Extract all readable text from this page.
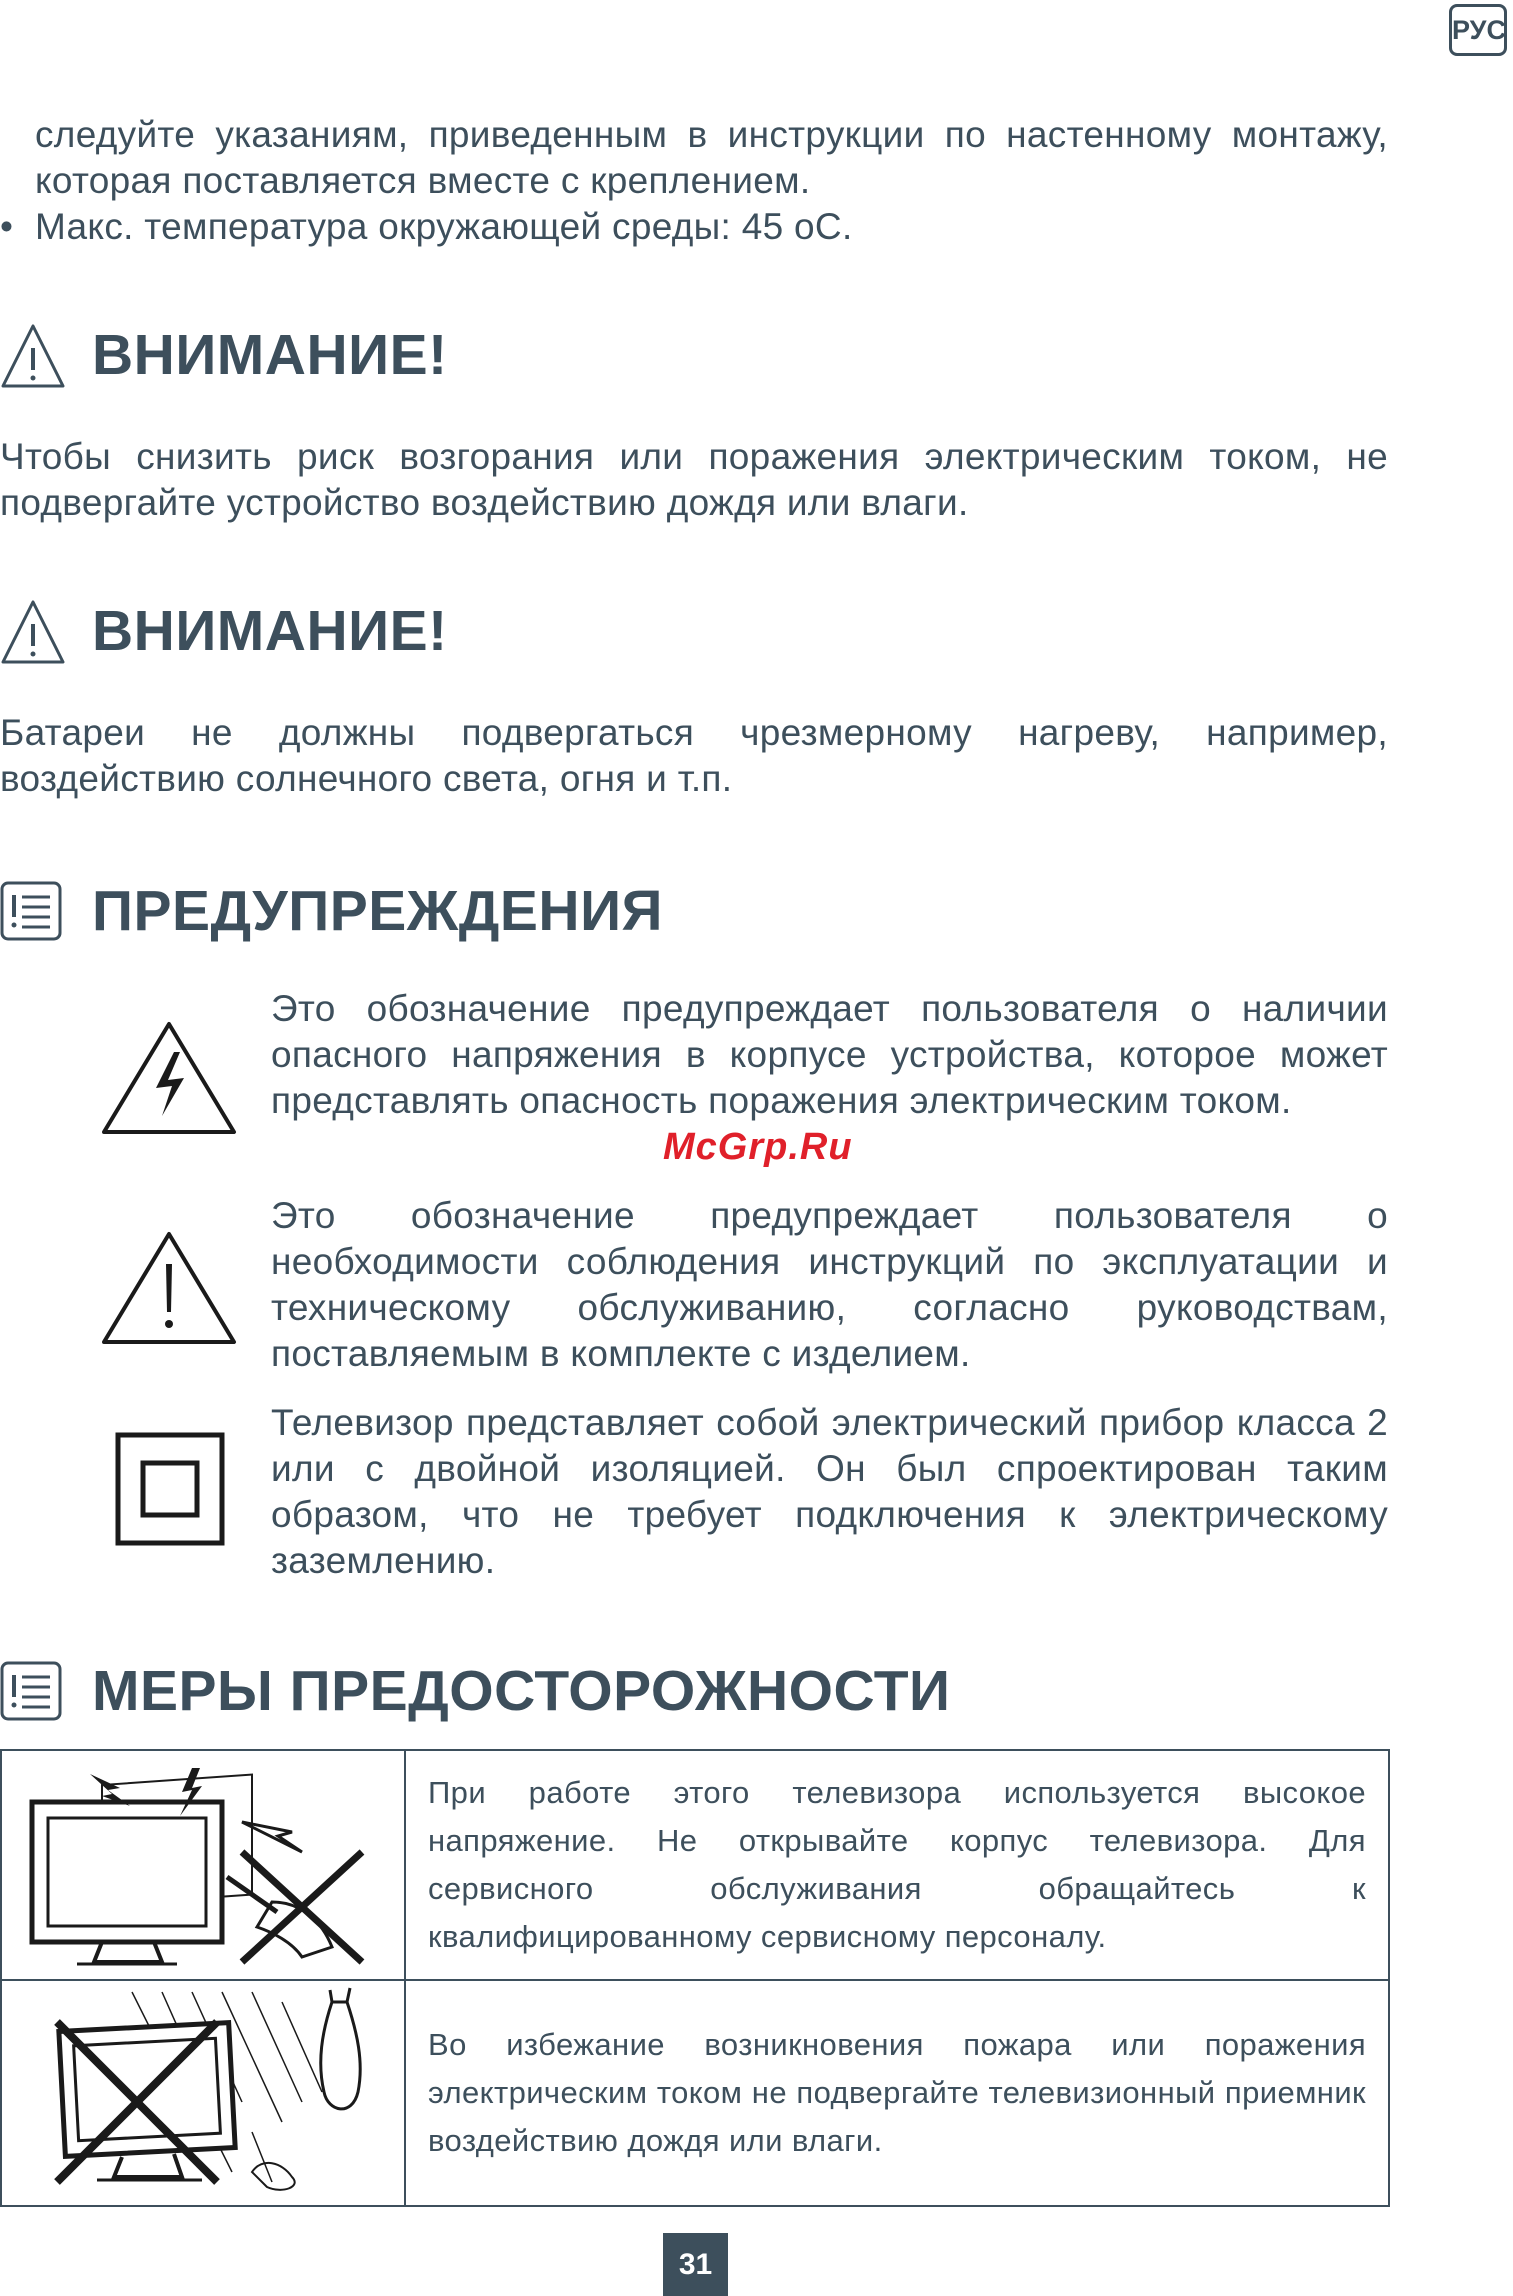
РУС
следуйте указаниям, приведенным в инструкции по настенному монтажу, которая поставляется вместе с креплением.
• Макс. температура окружающей среды: 45 oC.
ВНИМАНИЕ!
Чтобы снизить риск возгорания или поражения электрическим током, не подвергайте устройство воздействию дождя или влаги.
ВНИМАНИЕ!
Батареи не должны подвергаться чрезмерному нагреву, например, воздействию солнечного света, огня и т.п.
ПРЕДУПРЕЖДЕНИЯ
Это обозначение предупреждает пользователя о наличии опасного напряжения в корпусе устройства, которое может представлять опасность поражения электрическим током.
Это обозначение предупреждает пользователя о необходимости соблюдения инструкций по эксплуатации и техническому обслуживанию, согласно руководствам, поставляемым в комплекте с изделием.
Телевизор представляет собой электрический прибор класса 2 или с двойной изоляцией. Он был спроектирован таким образом, что не требует подключения к электрическому заземлению.
McGrp.Ru
МЕРЫ ПРЕДОСТОРОЖНОСТИ

При работе этого телевизора используется высокое напряжение. Не открывайте корпус телевизора. Для сервисного обслуживания обращайтесь к квалифицированному сервисному персоналу.

Во избежание возникновения пожара или поражения электрическим током не подвергайте телевизионный приемник воздействию дождя или влаги.
31
